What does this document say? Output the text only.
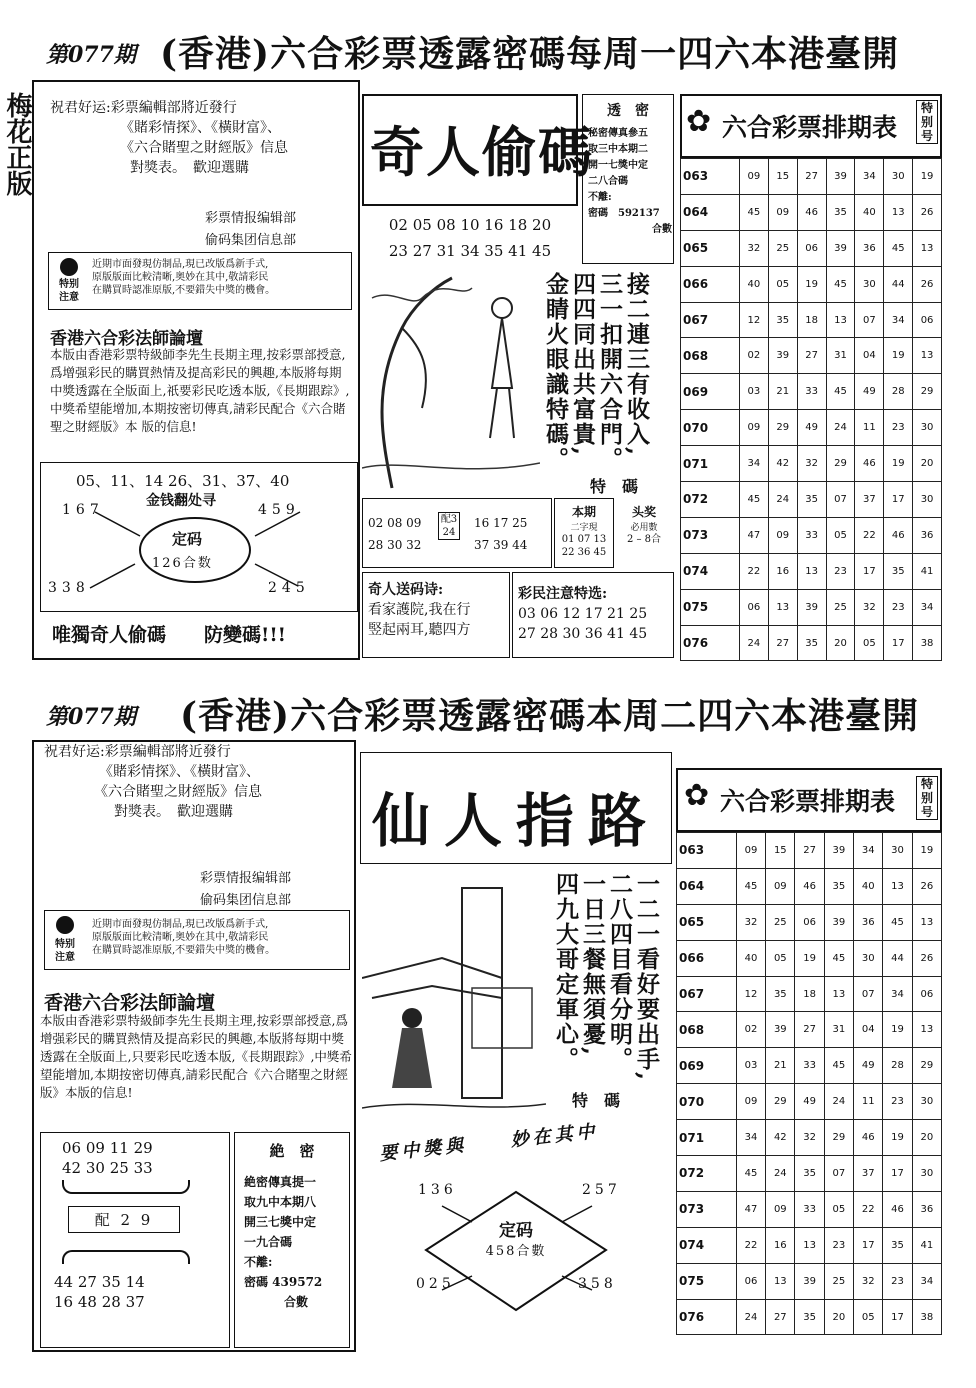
第077期 (香港)六合彩票透露密碼每周一四六本港臺開
梅花正版 祝君好运:彩票編輯部將近發行
《賭彩情探》、《橫財富》、
《六合賭聖之財經版》信息
對獎表。　歡迎選購
彩票情报编辑部
偷码集团信息部
特别 注意
近期市面發現仿制品,現已改版爲新手式,
原版版面比較清晰,奥妙在其中,敬請彩民
在購買時認准原版,不要錯失中獎的機會。
香港六合彩法師論壇
本版由香港彩票特級師李先生長期主理,按彩票部授意,爲增强彩民的購買熱情及提高彩民的興趣,本版將每期中獎透露在全版面上,祇要彩民吃透本版,《長期跟踪》,中獎希望能增加,本期按密切傳真,請彩民配合《六合賭聖之財經版》本 版的信息!
05、11、14 26、31、37、40
金钱翻处寻
167	459
338	245
定码
126合数
唯獨奇人偷碼　　防變碼!!!
奇人偷碼
02 05 08 10 16 18 20
23 27 31 34 35 41 45
透　密
秘密傳真參五
取三中本期二
開一七獎中定
二八合碼
不離:
密碼　592137
合數
接二連三有收入,
三一扣開六合門。
四四同出共富貴,
金睛火眼識特碼。
特　碼
02 08 09
28 30 32
配3 24
16 17 25
37 39 44
本期
二字現
01 07 13
22 36 45
头奖
必用數
2 – 8合
奇人送码诗:
看家護院,我在行
竪起兩耳,聽四方
彩民注意特选:
03 06 12 17 21 25
27 28 30 36 41 45
✿ 六合彩票排期表
特别号
063	09	15	27	39	34	30	19
064	45	09	46	35	40	13	26
065	32	25	06	39	36	45	13
066	40	05	19	45	30	44	26
067	12	35	18	13	07	34	06
068	02	39	27	31	04	19	13
069	03	21	33	45	49	28	29
070	09	29	49	24	11	23	30
071	34	42	32	29	46	19	20
072	45	24	35	07	37	17	30
073	47	09	33	05	22	46	36
074	22	16	13	23	17	35	41
075	06	13	39	25	32	23	34
076	24	27	35	20	05	17	38
第077期 (香港)六合彩票透露密碼本周二四六本港臺開
祝君好运:彩票編輯部將近發行
《賭彩情探》、《橫財富》、
《六合賭聖之財經版》信息
對獎表。　歡迎選購
彩票情报编辑部
偷码集团信息部
特别 注意
近期市面發現仿制品,現已改版爲新手式,
原版版面比較清晰,奥妙在其中,敬請彩民
在購買時認准原版,不要錯失中獎的機會。
香港六合彩法師論壇
本版由香港彩票特級師李先生長期主理,按彩票部授意,爲增强彩民的購買熱情及提高彩民的興趣,本版將每期中獎透露在全版面上,只要彩民吃透本版,《長期跟踪》,中獎希望能增加,本期按密切傳真,請彩民配合《六合賭聖之財經版》本版的信息!
06 09 11 29
42 30 25 33
配 2 9
44 27 35 14
16 48 28 37
絶　密
絶密傳真提一
取九中本期八
開三七獎中定
一九合碼
不離:
密碼 439572
合數
仙人指路
一二一看好要出手,
二八四目看分明。
一日三餐無須憂,
四九大哥定軍心。
特　碼
要中獎與　　妙在其中
136	257
025	358
定码
458合數
✿ 六合彩票排期表
特别号
063	09	15	27	39	34	30	19
064	45	09	46	35	40	13	26
065	32	25	06	39	36	45	13
066	40	05	19	45	30	44	26
067	12	35	18	13	07	34	06
068	02	39	27	31	04	19	13
069	03	21	33	45	49	28	29
070	09	29	49	24	11	23	30
071	34	42	32	29	46	19	20
072	45	24	35	07	37	17	30
073	47	09	33	05	22	46	36
074	22	16	13	23	17	35	41
075	06	13	39	25	32	23	34
076	24	27	35	20	05	17	38
